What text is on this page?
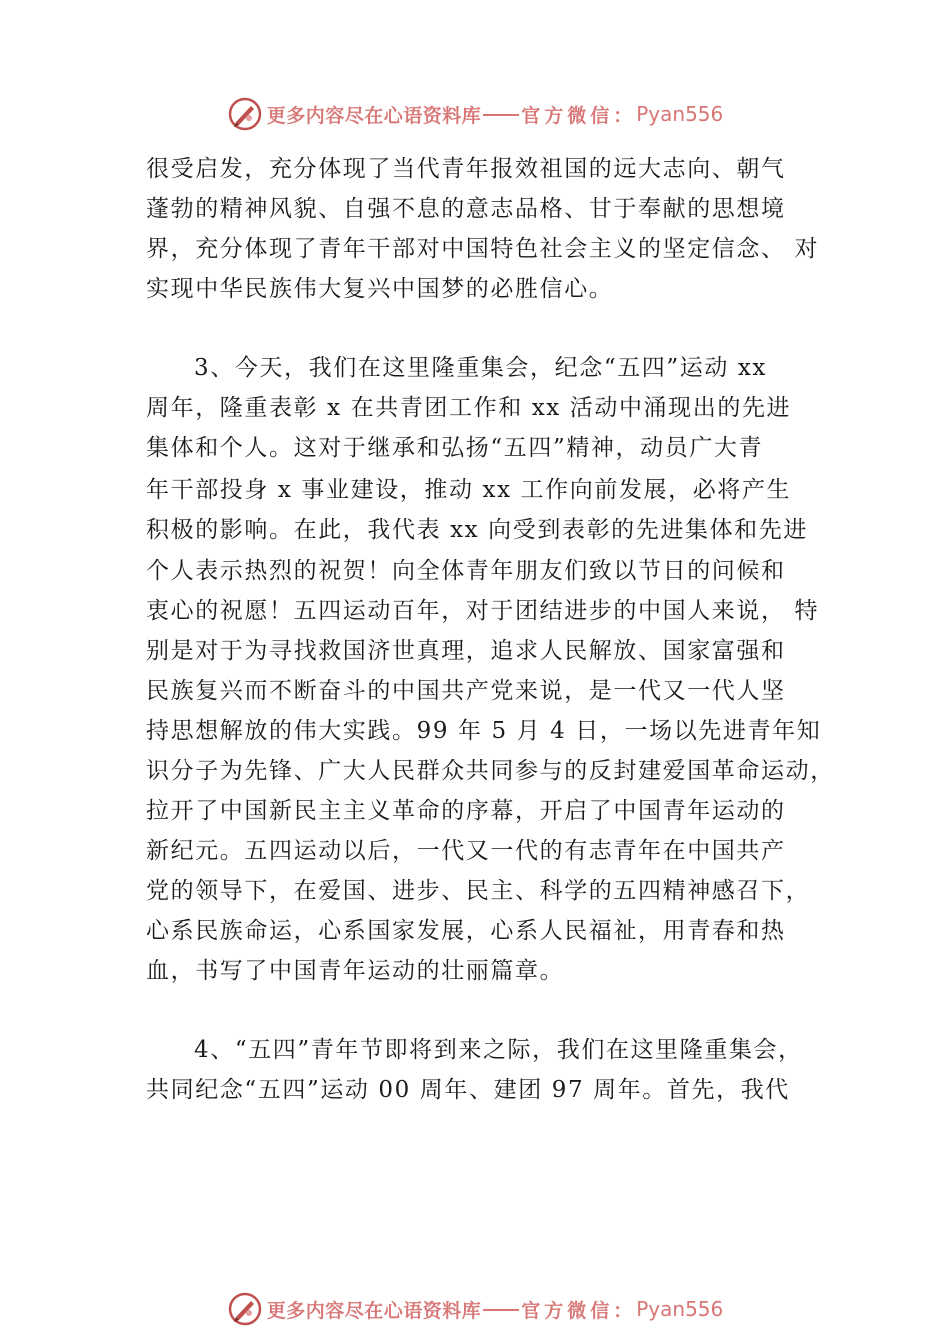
更多内容尽在心语资料库 官方微信： Pyan556
很受启发，充分体现了当代青年报效祖国的远大志向、朝气
蓬勃的精神风貌、自强不息的意志品格、甘于奉献的思想境
界，充分体现了青年干部对中国特色社会主义的坚定信念、 对
实现中华民族伟大复兴中国梦的必胜信心。
3、今天，我们在这里隆重集会，纪念“五四”运动 xx
周年，隆重表彰 x 在共青团工作和 xx 活动中涌现出的先进
集体和个人。这对于继承和弘扬“五四”精神，动员广大青
年干部投身 x 事业建设，推动 xx 工作向前发展，必将产生
积极的影响。在此，我代表 xx 向受到表彰的先进集体和先进
个人表示热烈的祝贺！向全体青年朋友们致以节日的问候和
衷心的祝愿！五四运动百年，对于团结进步的中国人来说， 特
别是对于为寻找救国济世真理，追求人民解放、国家富强和
民族复兴而不断奋斗的中国共产党来说，是一代又一代人坚
持思想解放的伟大实践。99 年 5 月 4 日，一场以先进青年知
识分子为先锋、广大人民群众共同参与的反封建爱国革命运动，
拉开了中国新民主主义革命的序幕，开启了中国青年运动的
新纪元。五四运动以后，一代又一代的有志青年在中国共产
党的领导下，在爱国、进步、民主、科学的五四精神感召下，
心系民族命运，心系国家发展，心系人民福祉，用青春和热
血，书写了中国青年运动的壮丽篇章。
4、“五四”青年节即将到来之际，我们在这里隆重集会，
共同纪念“五四”运动 00 周年、建团 97 周年。首先，我代
更多内容尽在心语资料库 官方微信： Pyan556
